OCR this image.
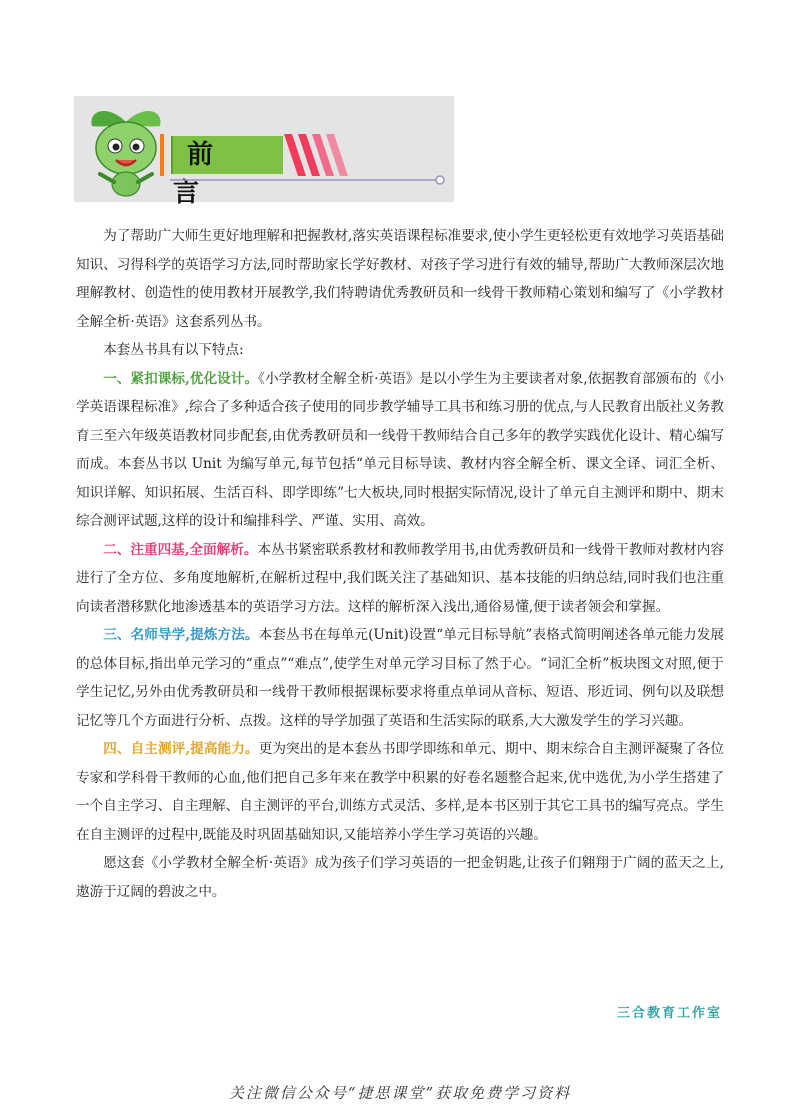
前 言

为了帮助广大师生更好地理解和把握教材,落实英语课程标准要求,使小学生更轻松更有效地学习英语基础知识、习得科学的英语学习方法,同时帮助家长学好教材、对孩子学习进行有效的辅导,帮助广大教师深层次地理解教材、创造性的使用教材开展教学,我们特聘请优秀教研员和一线骨干教师精心策划和编写了《小学教材全解全析·英语》这套系列丛书。

本套丛书具有以下特点:

一、紧扣课标,优化设计。《小学教材全解全析·英语》是以小学生为主要读者对象,依据教育部颁布的《小学英语课程标准》,综合了多种适合孩子使用的同步教学辅导工具书和练习册的优点,与人民教育出版社义务教育三至六年级英语教材同步配套,由优秀教研员和一线骨干教师结合自己多年的教学实践优化设计、精心编写而成。本套丛书以 Unit 为编写单元,每节包括“单元目标导读、教材内容全解全析、课文全译、词汇全析、知识详解、知识拓展、生活百科、即学即练”七大板块,同时根据实际情况,设计了单元自主测评和期中、期末综合测评试题,这样的设计和编排科学、严谨、实用、高效。

二、注重四基,全面解析。本丛书紧密联系教材和教师教学用书,由优秀教研员和一线骨干教师对教材内容进行了全方位、多角度地解析,在解析过程中,我们既关注了基础知识、基本技能的归纳总结,同时我们也注重向读者潜移默化地渗透基本的英语学习方法。这样的解析深入浅出,通俗易懂,便于读者领会和掌握。

三、名师导学,提炼方法。本套丛书在每单元(Unit)设置“单元目标导航”表格式简明阐述各单元能力发展的总体目标,指出单元学习的“重点”“难点”,使学生对单元学习目标了然于心。“词汇全析”板块图文对照,便于学生记忆,另外由优秀教研员和一线骨干教师根据课标要求将重点单词从音标、短语、形近词、例句以及联想记忆等几个方面进行分析、点拨。这样的导学加强了英语和生活实际的联系,大大激发学生的学习兴趣。

四、自主测评,提高能力。更为突出的是本套丛书即学即练和单元、期中、期末综合自主测评凝聚了各位专家和学科骨干教师的心血,他们把自己多年来在教学中积累的好卷名题整合起来,优中选优,为小学生搭建了一个自主学习、自主理解、自主测评的平台,训练方式灵活、多样,是本书区别于其它工具书的编写亮点。学生在自主测评的过程中,既能及时巩固基础知识,又能培养小学生学习英语的兴趣。

愿这套《小学教材全解全析·英语》成为孩子们学习英语的一把金钥匙,让孩子们翱翔于广阔的蓝天之上,遨游于辽阔的碧波之中。

三合教育工作室
关注微信公众号“捷思课堂”获取免费学习资料
